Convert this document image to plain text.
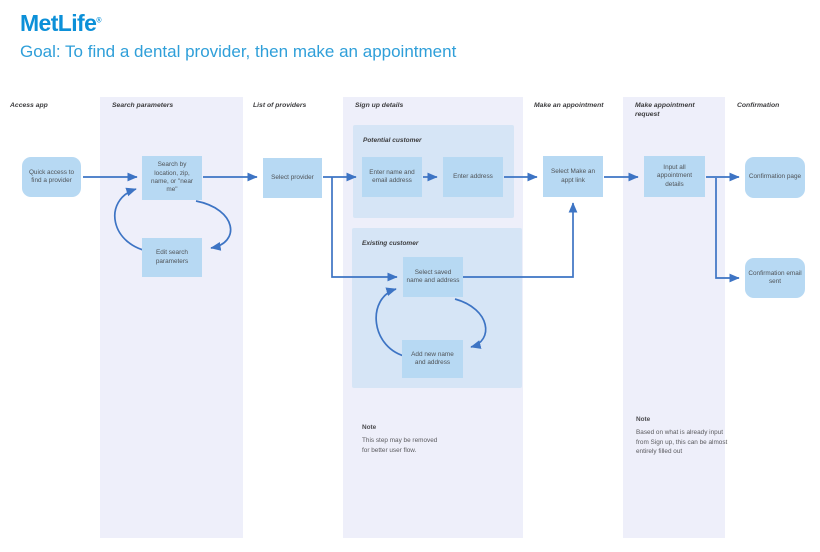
MetLife®
Goal: To find a dental provider, then make an appointment
Access app	Search parameters	List of providers	Sign up details	Make an appointment	Make appointment request
Confirmation
Potential customer
Existing customer
Quick access to find a provider
Search by location, zip, name, or "near me"
Edit search parameters
Select provider
Enter name and email address
Enter address
Select saved name and address
Add new name and address
Select Make an appt link
Input all appointment details
Confirmation page
Confirmation email sent
Note
This step may be removed for better user flow.
Note
Based on what is already input from Sign up, this can be almost entirely filled out
